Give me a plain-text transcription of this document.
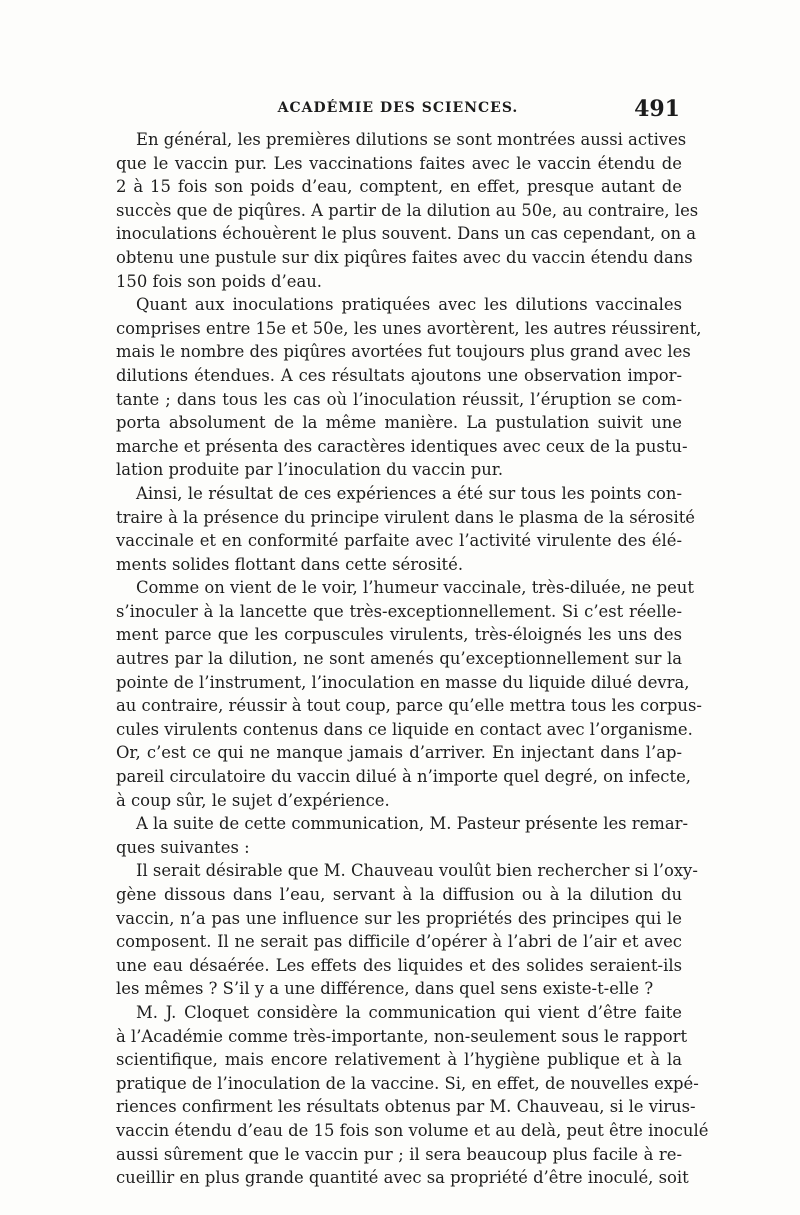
ACADÉMIE DES SCIENCES.	491
En général, les premières dilutions se sont montrées aussi actives
que le vaccin pur. Les vaccinations faites avec le vaccin étendu de
2 à 15 fois son poids d’eau, comptent, en effet, presque autant de
succès que de piqûres. A partir de la dilution au 50e, au contraire, les
inoculations échouèrent le plus souvent. Dans un cas cependant, on a
obtenu une pustule sur dix piqûres faites avec du vaccin étendu dans
150 fois son poids d’eau.
Quant aux inoculations pratiquées avec les dilutions vaccinales
comprises entre 15e et 50e, les unes avortèrent, les autres réussirent,
mais le nombre des piqûres avortées fut toujours plus grand avec les
dilutions étendues. A ces résultats ajoutons une observation impor-
tante ; dans tous les cas où l’inoculation réussit, l’éruption se com-
porta absolument de la même manière. La pustulation suivit une
marche et présenta des caractères identiques avec ceux de la pustu-
lation produite par l’inoculation du vaccin pur.
Ainsi, le résultat de ces expériences a été sur tous les points con-
traire à la présence du principe virulent dans le plasma de la sérosité
vaccinale et en conformité parfaite avec l’activité virulente des élé-
ments solides flottant dans cette sérosité.
Comme on vient de le voir, l’humeur vaccinale, très-diluée, ne peut
s’inoculer à la lancette que très-exceptionnellement. Si c’est réelle-
ment parce que les corpuscules virulents, très-éloignés les uns des
autres par la dilution, ne sont amenés qu’exceptionnellement sur la
pointe de l’instrument, l’inoculation en masse du liquide dilué devra,
au contraire, réussir à tout coup, parce qu’elle mettra tous les corpus-
cules virulents contenus dans ce liquide en contact avec l’organisme.
Or, c’est ce qui ne manque jamais d’arriver. En injectant dans l’ap-
pareil circulatoire du vaccin dilué à n’importe quel degré, on infecte,
à coup sûr, le sujet d’expérience.
A la suite de cette communication, M. Pasteur présente les remar-
ques suivantes :
Il serait désirable que M. Chauveau voulût bien rechercher si l’oxy-
gène dissous dans l’eau, servant à la diffusion ou à la dilution du
vaccin, n’a pas une influence sur les propriétés des principes qui le
composent. Il ne serait pas difficile d’opérer à l’abri de l’air et avec
une eau désaérée. Les effets des liquides et des solides seraient-ils
les mêmes ? S’il y a une différence, dans quel sens existe-t-elle ?
M. J. Cloquet considère la communication qui vient d’être faite
à l’Académie comme très-importante, non-seulement sous le rapport
scientifique, mais encore relativement à l’hygiène publique et à la
pratique de l’inoculation de la vaccine. Si, en effet, de nouvelles expé-
riences confirment les résultats obtenus par M. Chauveau, si le virus-
vaccin étendu d’eau de 15 fois son volume et au delà, peut être inoculé
aussi sûrement que le vaccin pur ; il sera beaucoup plus facile à re-
cueillir en plus grande quantité avec sa propriété d’être inoculé, soit
